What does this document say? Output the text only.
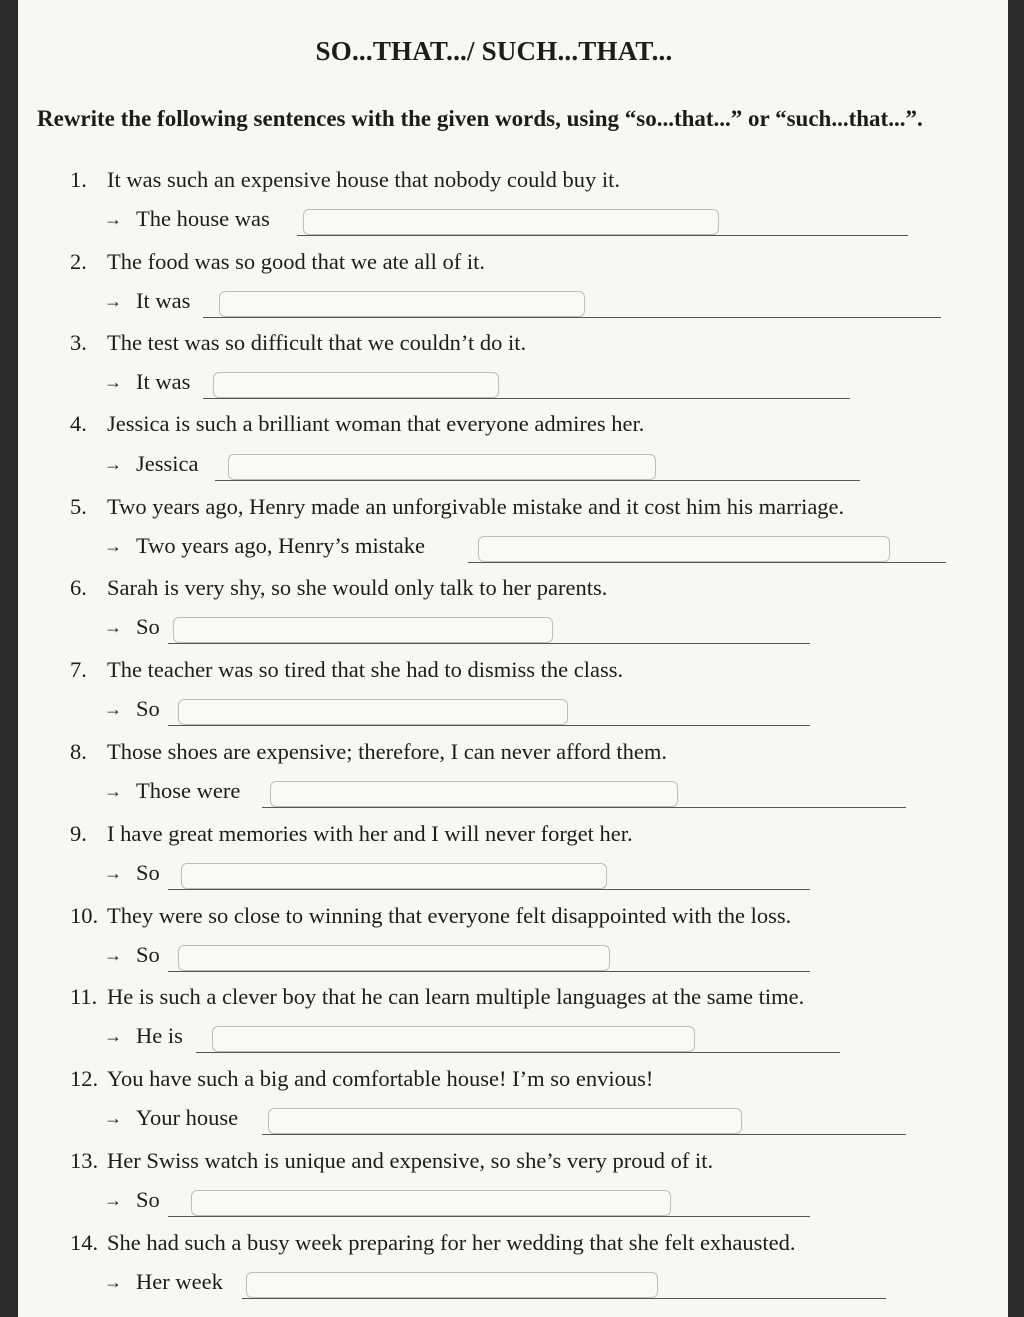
SO...THAT.../ SUCH...THAT...
Rewrite the following sentences with the given words, using “so...that...” or “such...that...”.
1. It was such an expensive house that nobody could buy it.
→ The house was
2. The food was so good that we ate all of it.
→ It was
3. The test was so difficult that we couldn’t do it.
→ It was
4. Jessica is such a brilliant woman that everyone admires her.
→ Jessica
5. Two years ago, Henry made an unforgivable mistake and it cost him his marriage.
→ Two years ago, Henry’s mistake
6. Sarah is very shy, so she would only talk to her parents.
→ So
7. The teacher was so tired that she had to dismiss the class.
→ So
8. Those shoes are expensive; therefore, I can never afford them.
→ Those were
9. I have great memories with her and I will never forget her.
→ So
10. They were so close to winning that everyone felt disappointed with the loss.
→ So
11. He is such a clever boy that he can learn multiple languages at the same time.
→ He is
12. You have such a big and comfortable house! I’m so envious!
→ Your house
13. Her Swiss watch is unique and expensive, so she’s very proud of it.
→ So
14. She had such a busy week preparing for her wedding that she felt exhausted.
→ Her week
